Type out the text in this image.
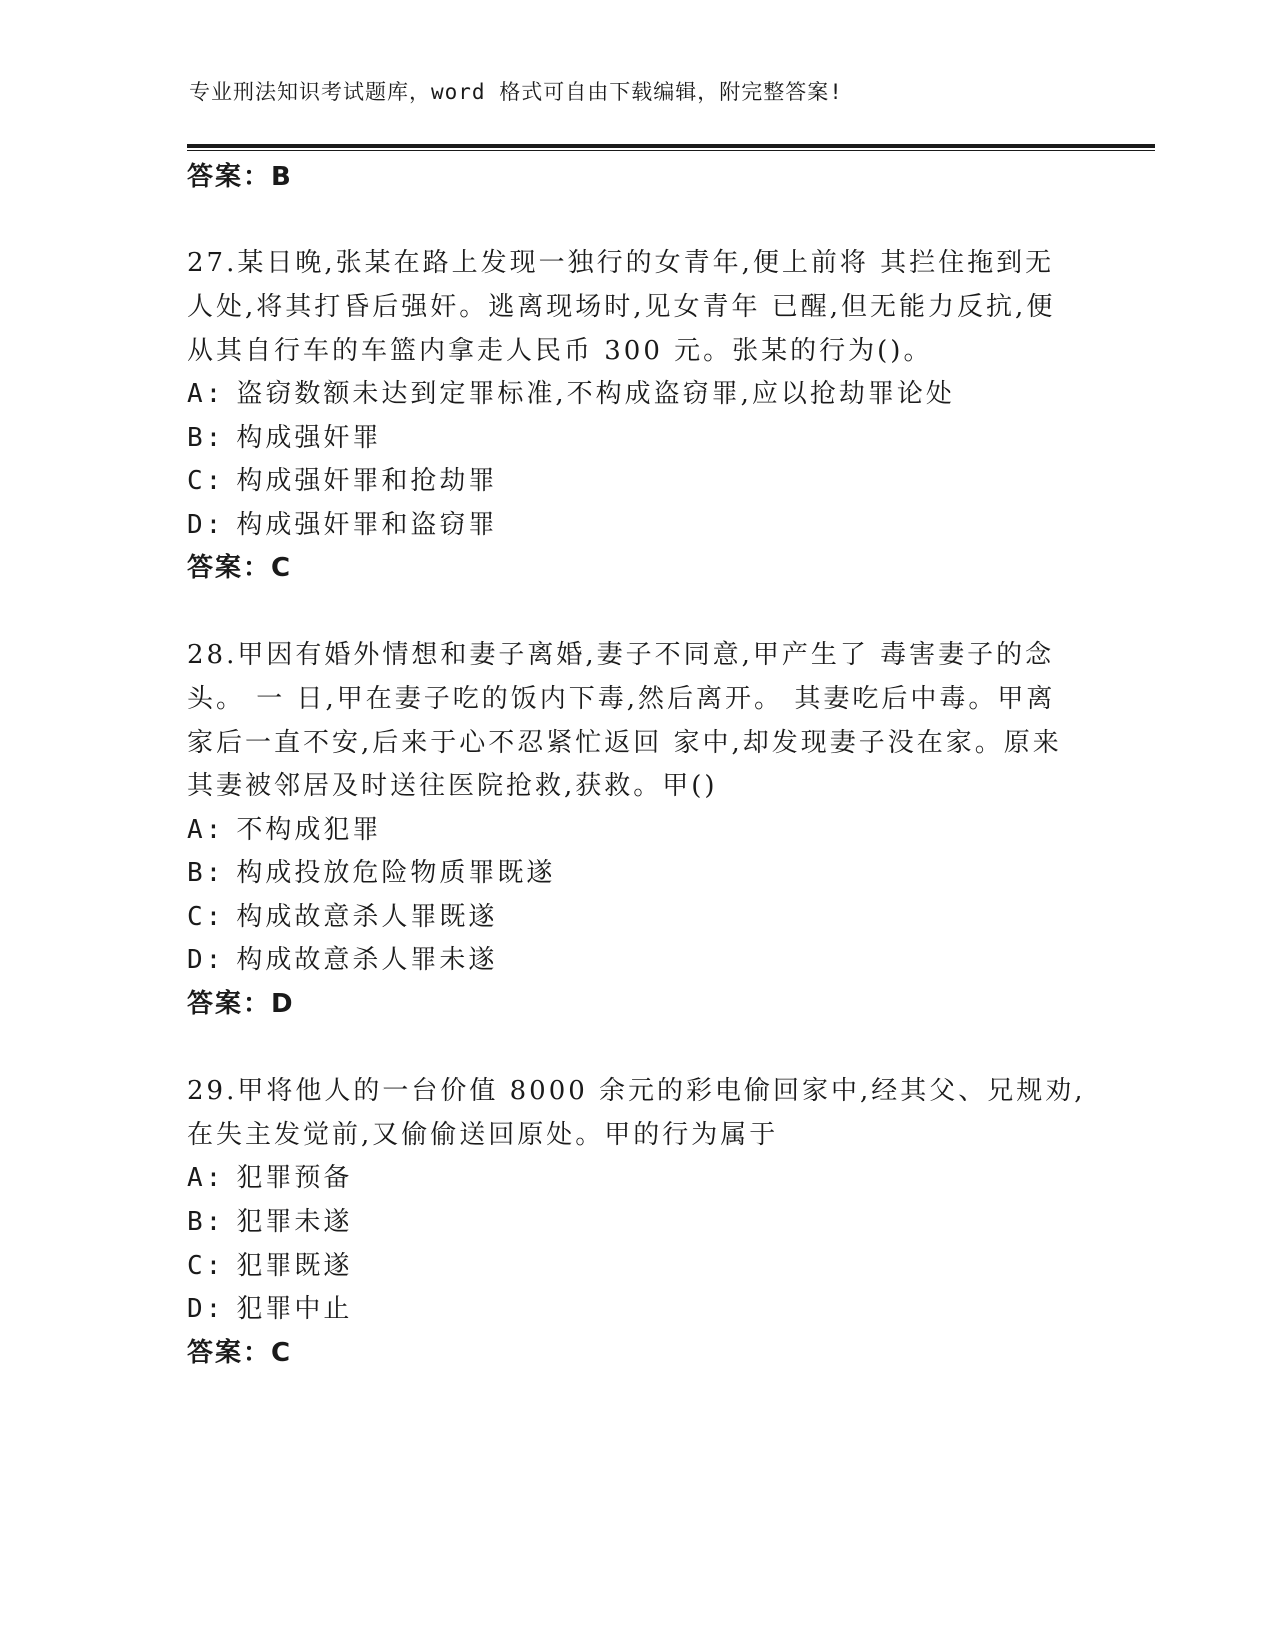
专业刑法知识考试题库，word 格式可自由下载编辑，附完整答案!
答案：B
27.某日晚,张某在路上发现一独行的女青年,便上前将 其拦住拖到无
人处,将其打昏后强奸。逃离现场时,见女青年 已醒,但无能力反抗,便
从其自行车的车篮内拿走人民币 300 元。张某的行为()。
A: 盗窃数额未达到定罪标准,不构成盗窃罪,应以抢劫罪论处
B: 构成强奸罪
C: 构成强奸罪和抢劫罪
D: 构成强奸罪和盗窃罪
答案：C
28.甲因有婚外情想和妻子离婚,妻子不同意,甲产生了 毒害妻子的念
头。 一 日,甲在妻子吃的饭内下毒,然后离开。 其妻吃后中毒。甲离
家后一直不安,后来于心不忍紧忙返回 家中,却发现妻子没在家。原来
其妻被邻居及时送往医院抢救,获救。甲()
A: 不构成犯罪
B: 构成投放危险物质罪既遂
C: 构成故意杀人罪既遂
D: 构成故意杀人罪未遂
答案：D
29.甲将他人的一台价值 8000 余元的彩电偷回家中,经其父、兄规劝,
在失主发觉前,又偷偷送回原处。甲的行为属于
A: 犯罪预备
B: 犯罪未遂
C: 犯罪既遂
D: 犯罪中止
答案：C
